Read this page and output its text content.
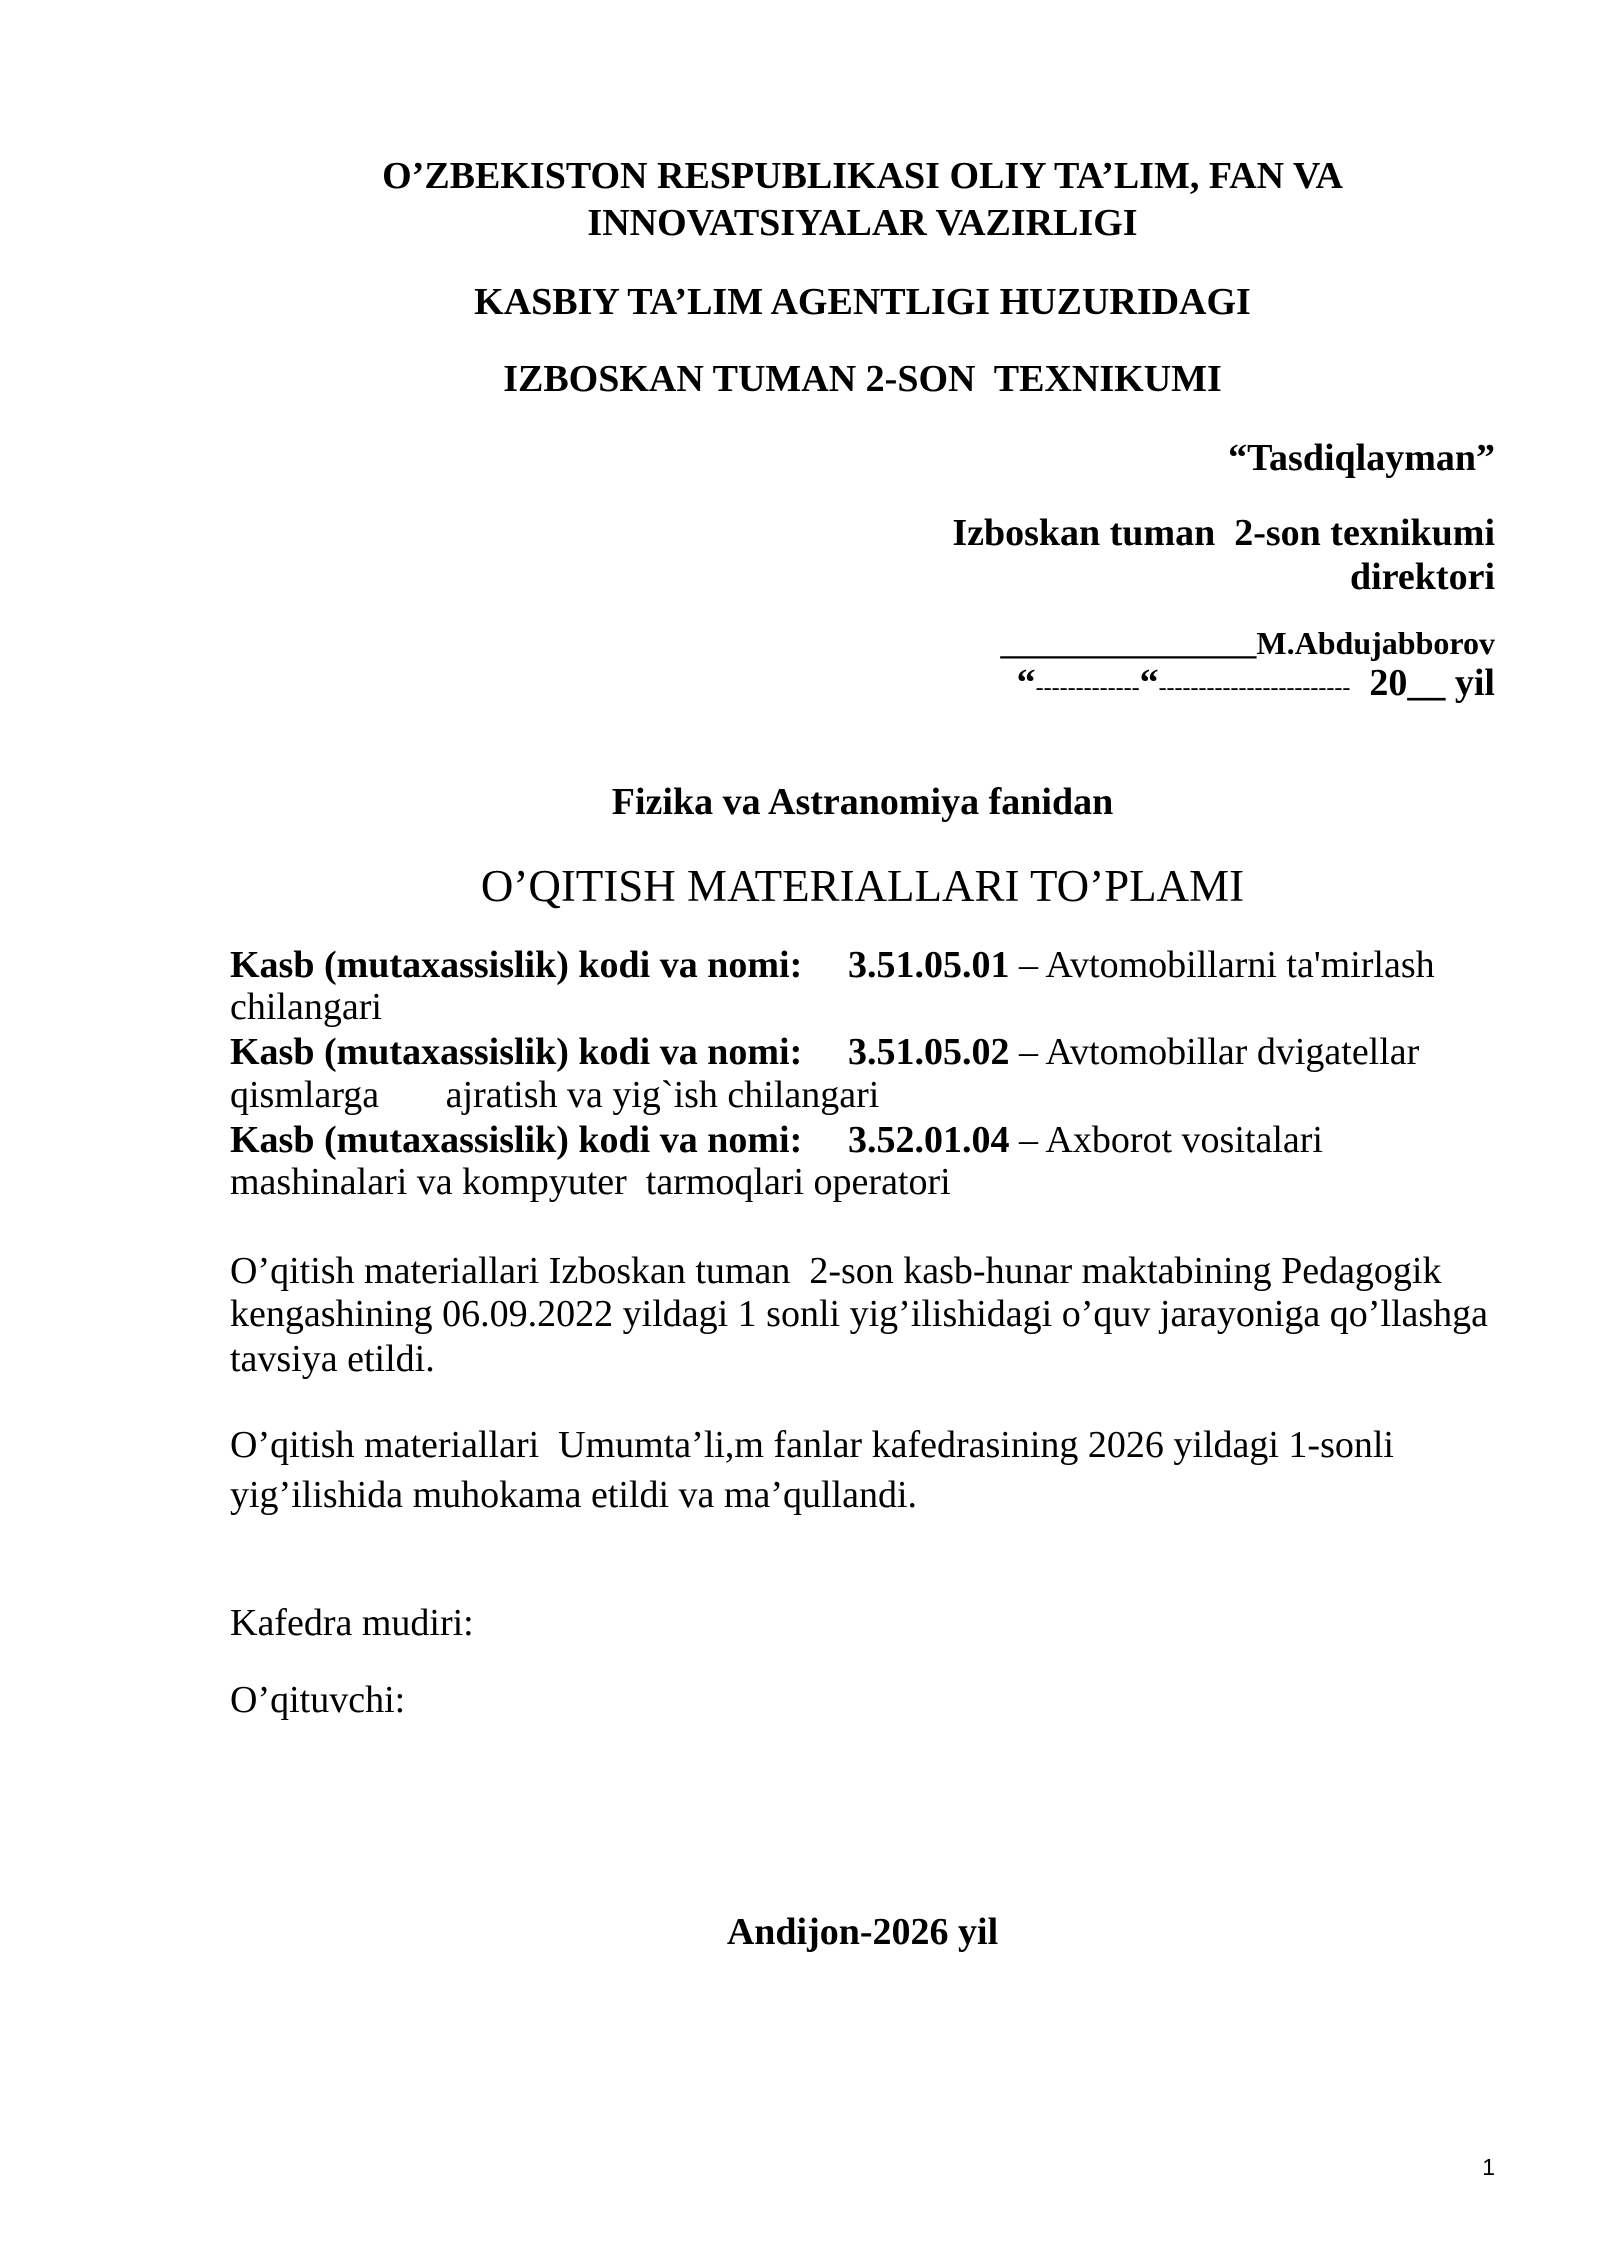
O’ZBEKISTON RESPUBLIKASI OLIY TA’LIM, FAN VA
INNOVATSIYALAR VAZIRLIGI
KASBIY TA’LIM AGENTLIGI HUZURIDAGI
IZBOSKAN TUMAN 2-SON  TEXNIKUMI
“Tasdiqlayman”
Izboskan tuman  2-son texnikumi
direktori
________________M.Abdujabborov
“-------------“------------------------ 20__ yil
Fizika va Astranomiya fanidan
O’QITISH MATERIALLARI TO’PLAMI
Kasb (mutaxassislik) kodi va nomi: 3.51.05.01 – Avtomobillarni ta'mirlash
chilangari
Kasb (mutaxassislik) kodi va nomi: 3.51.05.02 – Avtomobillar dvigatellar
qismlarga       ajratish va yig`ish chilangari
Kasb (mutaxassislik) kodi va nomi: 3.52.01.04 – Axborot vositalari
mashinalari va kompyuter  tarmoqlari operatori
O’qitish materiallari Izboskan tuman  2-son kasb-hunar maktabining Pedagogik
kengashining 06.09.2022 yildagi 1 sonli yig’ilishidagi o’quv jarayoniga qo’llashga
tavsiya etildi.
O’qitish materiallari  Umumta’li,m fanlar kafedrasining 2026 yildagi 1-sonli
yig’ilishida muhokama etildi va ma’qullandi.
Kafedra mudiri:
O’qituvchi:
Andijon-2026 yil
1
